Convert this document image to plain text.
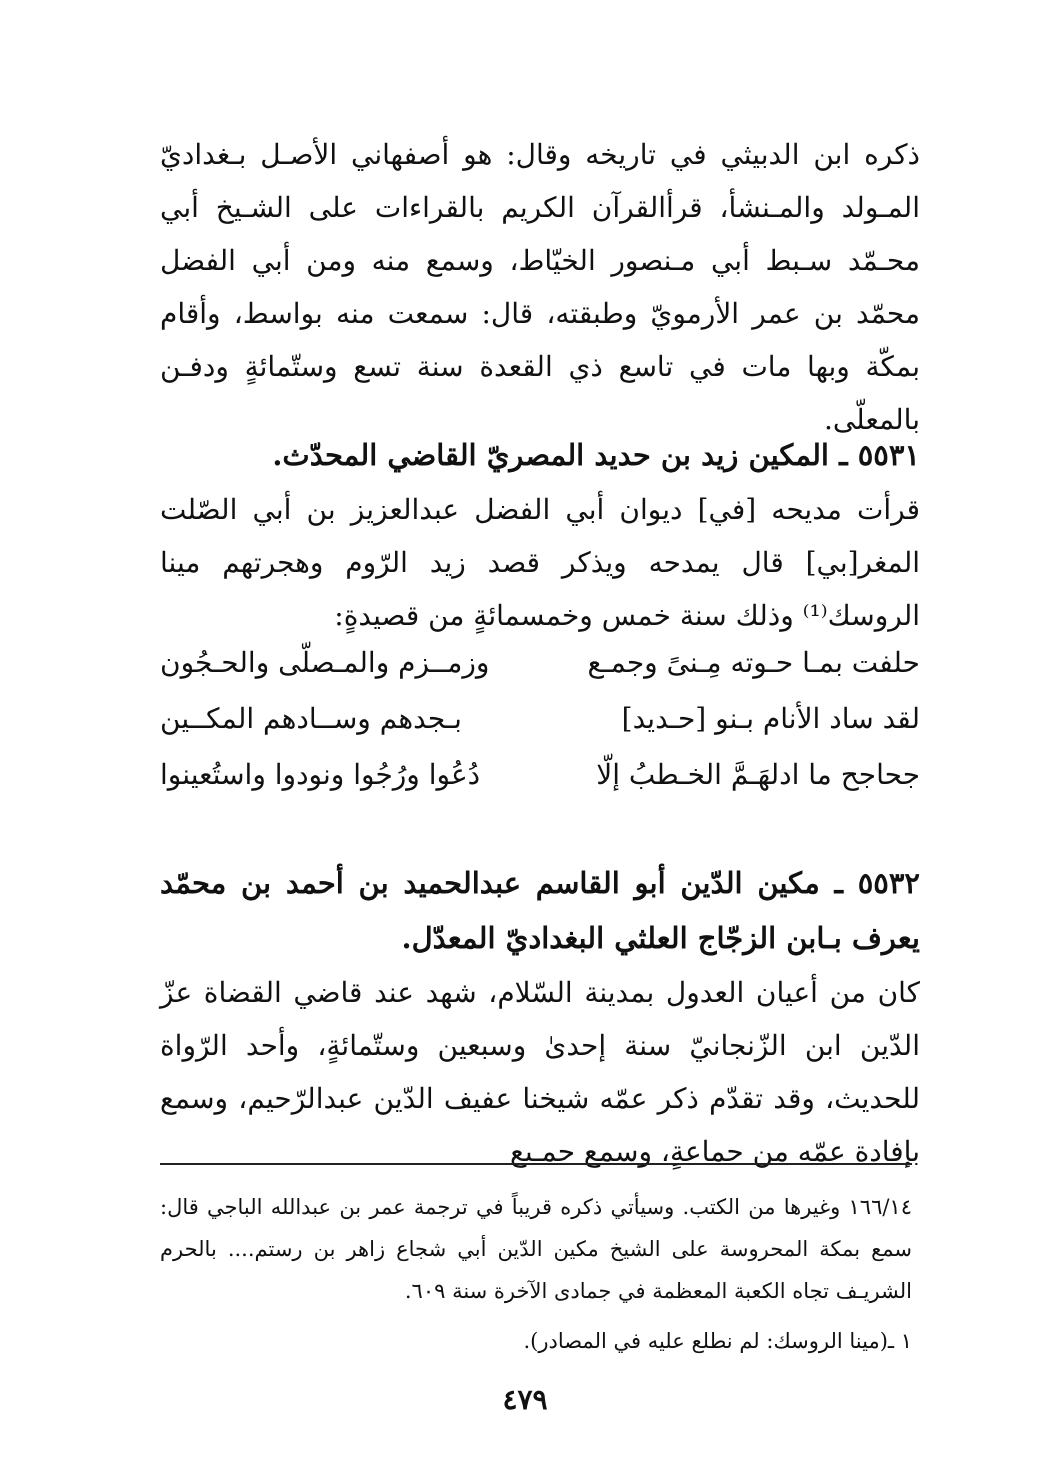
ذكره ابن الدبيثي في تاريخه وقال: هو أصفهاني الأصـل بـغداديّ المـولد والمـنشأ، قرأالقرآن الكريم بالقراءات على الشـيخ أبي محـمّد سـبط أبي مـنصور الخيّاط، وسمع منه ومن أبي الفضل محمّد بن عمر الأرمويّ وطبقته، قال: سمعت منه بواسط، وأقام بمكّة وبها مات في تاسع ذي القعدة سنة تسع وستّمائةٍ ودفـن بالمعلّى.

٥٥٣١ ـ المكين زيد بن حديد المصريّ القاضي المحدّث.

قرأت مديحه [في] ديوان أبي الفضل عبدالعزيز بن أبي الصّلت المغر[بي] قال يمدحه ويذكر قصد زيد الرّوم وهجرتهم مينا الروسك⁽¹⁾ وذلك سنة خمس وخمسمائةٍ من قصيدةٍ:

حلفت بمـا حـوته مِـنىً وجمـع
وزمــزم والمـصلّى والحـجُون
لقد ساد الأنام بـنو [حـديد]
بـجدهم وســادهم المكــين
جحاجح ما ادلهَـمَّ الخـطبُ إلّا
دُعُوا ورُجُوا ونودوا واستُعينوا

٥٥٣٢ ـ مكين الدّين أبو القاسم عبدالحميد بن أحمد بن محمّد يعرف بـابن الزجّاج العلثي البغداديّ المعدّل.

كان من أعيان العدول بمدينة السّلام، شهد عند قاضي القضاة عزّ الدّين ابن الزّنجانيّ سنة إحدىٰ وسبعين وستّمائةٍ، وأحد الرّواة للحديث، وقد تقدّم ذكر عمّه شيخنا عفيف الدّين عبدالرّحيم، وسمع بإفادة عمّه من جماعةٍ، وسمع جمـيع

١٦٦/١٤ وغيرها من الكتب. وسيأتي ذكره قريباً في ترجمة عمر بن عبدالله الباجي قال: سمع بمكة المحروسة على الشيخ مكين الدّين أبي شجاع زاهر بن رستم.... بالحرم الشريـف تجاه الكعبة المعظمة في جمادى الآخرة سنة ٦٠٩.

١ ـ(مينا الروسك: لم نطلع عليه في المصادر).

٤٧٩
